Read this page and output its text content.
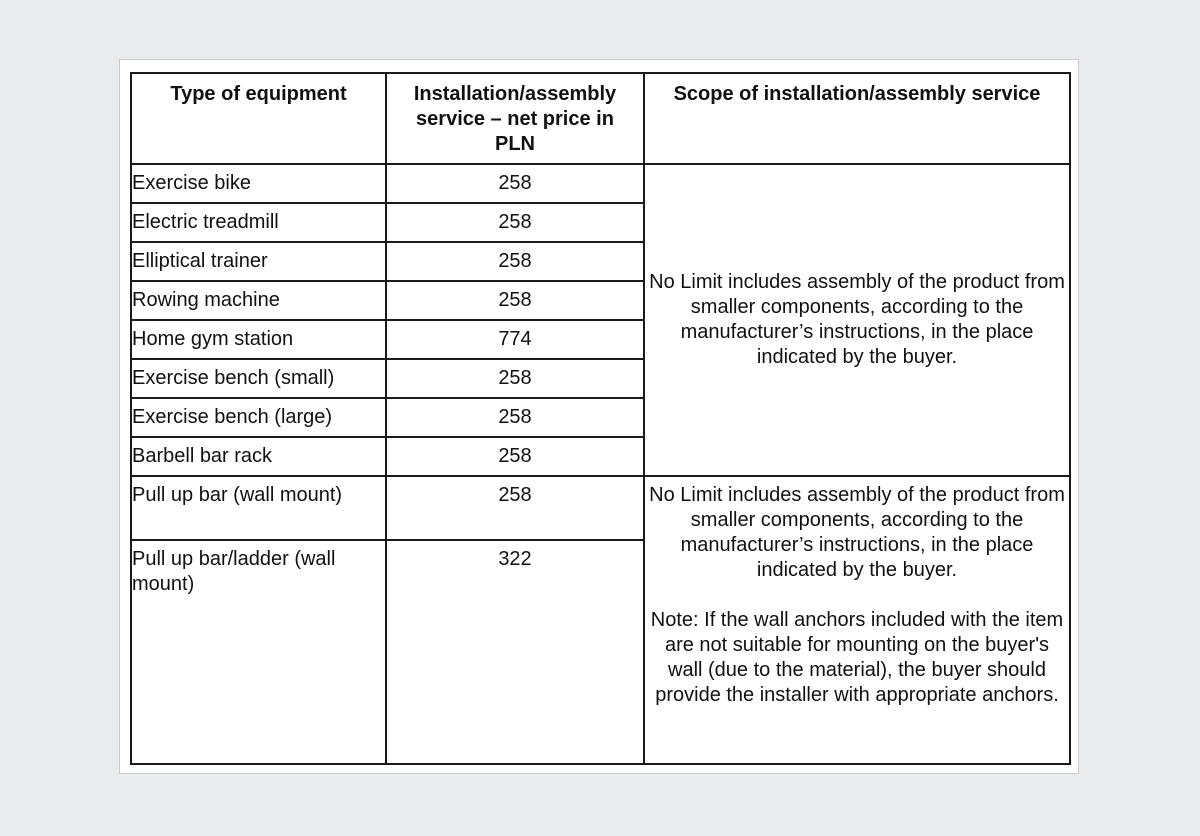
Type of equipment	Installation/assembly service – net price in PLN	Scope of installation/assembly service
Exercise bike	258	No Limit includes assembly of the product from smaller components, according to the manufacturer’s instructions, in the place indicated by the buyer.
Electric treadmill	258	
Elliptical trainer	258	
Rowing machine	258	
Home gym station	774	
Exercise bench (small)	258	
Exercise bench (large)	258	
Barbell bar rack	258	
Pull up bar (wall mount)	258	No Limit includes assembly of the product from smaller components, according to the manufacturer’s instructions, in the place indicated by the buyer.
Note: If the wall anchors included with the item are not suitable for mounting on the buyer's wall (due to the material), the buyer should provide the installer with appropriate anchors.

Pull up bar/ladder (wall mount)	322	
